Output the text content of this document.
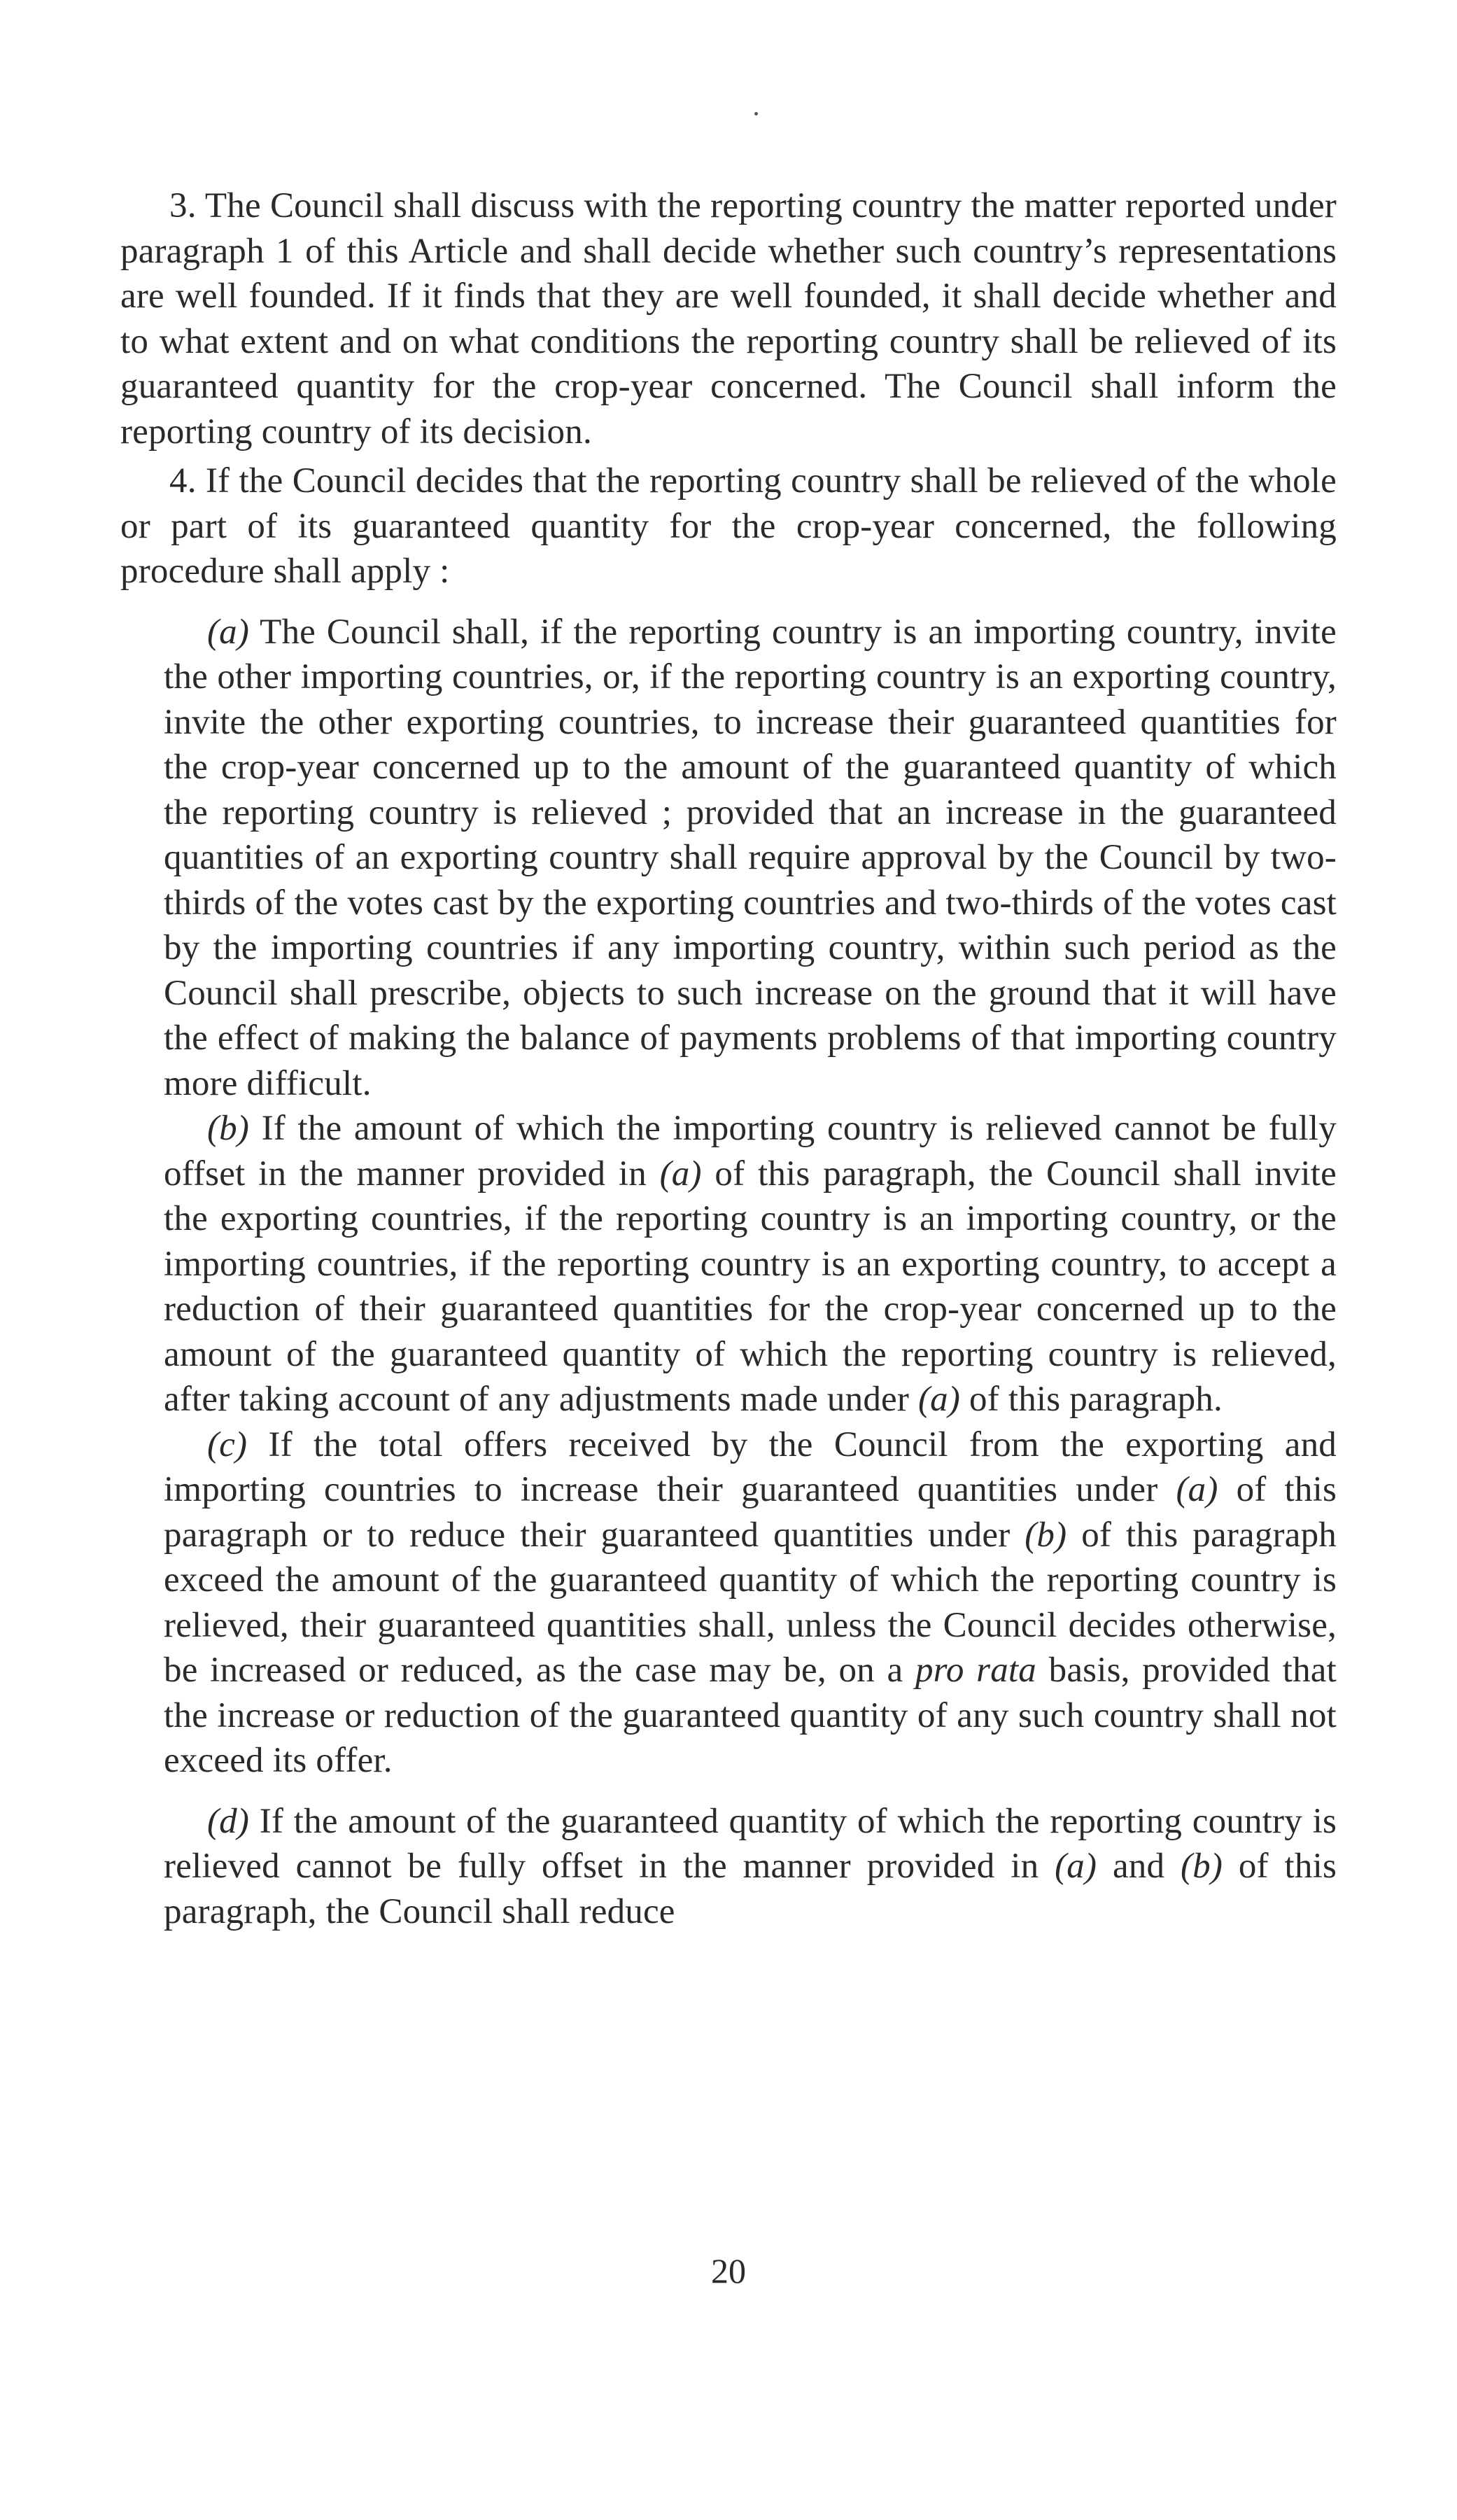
3. The Council shall discuss with the reporting country the matter reported under paragraph 1 of this Article and shall decide whether such country’s representations are well founded. If it finds that they are well founded, it shall decide whether and to what extent and on what conditions the reporting country shall be relieved of its guaranteed quantity for the crop-year concerned. The Council shall inform the reporting country of its decision.

4. If the Council decides that the reporting country shall be relieved of the whole or part of its guaranteed quantity for the crop-year concerned, the following procedure shall apply :

(a) The Council shall, if the reporting country is an importing country, invite the other importing countries, or, if the reporting country is an exporting country, invite the other exporting countries, to increase their guaranteed quantities for the crop-year concerned up to the amount of the guaranteed quantity of which the reporting country is relieved ; provided that an increase in the guaranteed quantities of an exporting country shall require approval by the Council by two-thirds of the votes cast by the exporting countries and two-thirds of the votes cast by the importing countries if any importing country, within such period as the Council shall prescribe, objects to such increase on the ground that it will have the effect of making the balance of payments problems of that importing country more difficult.

(b) If the amount of which the importing country is relieved cannot be fully offset in the manner provided in (a) of this paragraph, the Council shall invite the exporting countries, if the reporting country is an importing country, or the importing countries, if the reporting country is an exporting country, to accept a reduction of their guaranteed quantities for the crop-year concerned up to the amount of the guaranteed quantity of which the reporting country is relieved, after taking account of any adjustments made under (a) of this paragraph.

(c) If the total offers received by the Council from the exporting and importing countries to increase their guaranteed quantities under (a) of this paragraph or to reduce their guaranteed quantities under (b) of this paragraph exceed the amount of the guaranteed quantity of which the reporting country is relieved, their guaranteed quantities shall, unless the Council decides otherwise, be increased or reduced, as the case may be, on a pro rata basis, provided that the increase or reduction of the guaranteed quantity of any such country shall not exceed its offer.

(d) If the amount of the guaranteed quantity of which the reporting country is relieved cannot be fully offset in the manner provided in (a) and (b) of this paragraph, the Council shall reduce

20
